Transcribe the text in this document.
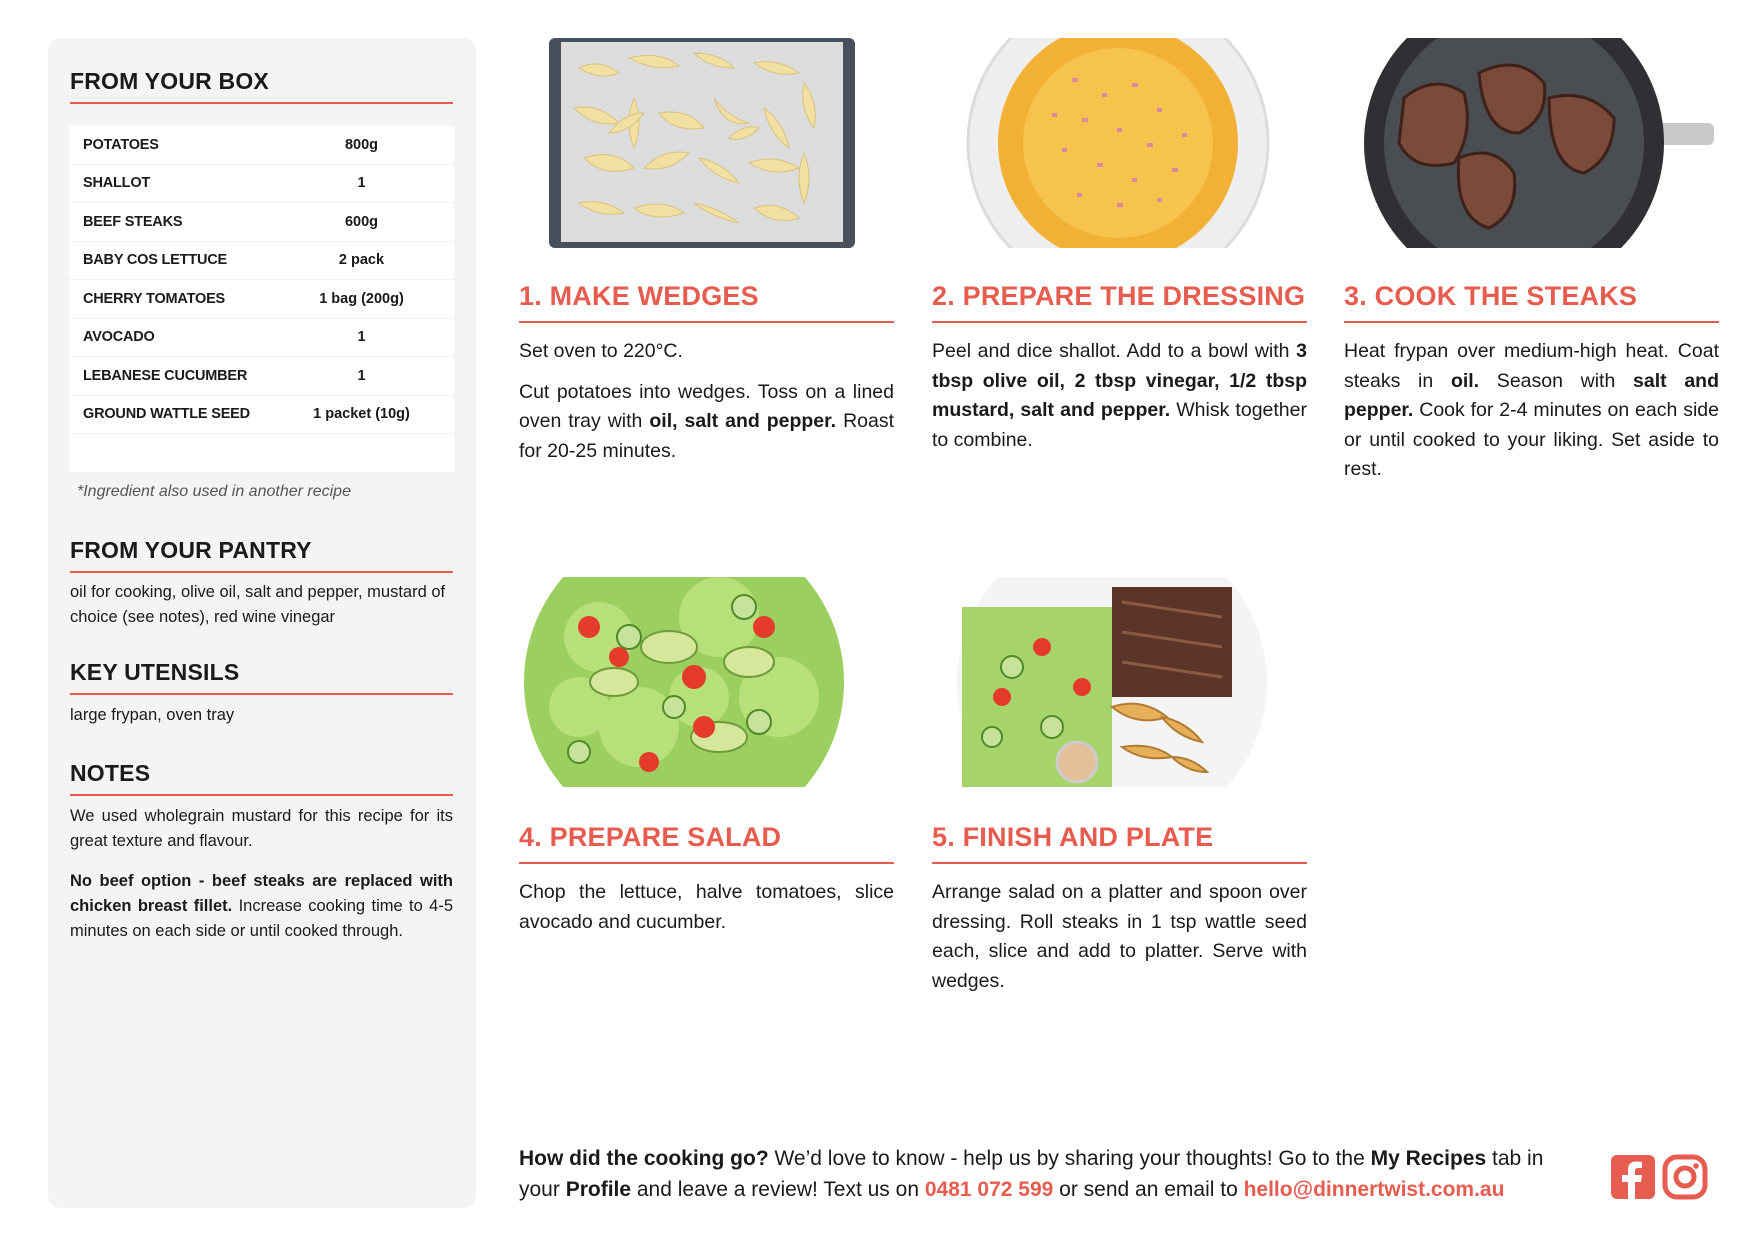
FROM YOUR BOX
POTATOES	800g
SHALLOT	1
BEEF STEAKS	600g
BABY COS LETTUCE	2 pack
CHERRY TOMATOES	1 bag (200g)
AVOCADO	1
LEBANESE CUCUMBER	1
GROUND WATTLE SEED	1 packet (10g)
*Ingredient also used in another recipe
FROM YOUR PANTRY
oil for cooking, olive oil, salt and pepper, mustard of choice (see notes), red wine vinegar
KEY UTENSILS
large frypan, oven tray
NOTES
We used wholegrain mustard for this recipe for its great texture and flavour.
No beef option - beef steaks are replaced with chicken breast fillet. Increase cooking time to 4-5 minutes on each side or until cooked through.
1. MAKE WEDGES

Set oven to 220°C.

Cut potatoes into wedges. Toss on a lined oven tray with oil, salt and pepper. Roast for 20-25 minutes.

2. PREPARE THE DRESSING

Peel and dice shallot. Add to a bowl with 3 tbsp olive oil, 2 tbsp vinegar, 1/2 tbsp mustard, salt and pepper. Whisk together to combine.

3. COOK THE STEAKS

Heat frypan over medium-high heat. Coat steaks in oil. Season with salt and pepper. Cook for 2-4 minutes on each side or until cooked to your liking. Set aside to rest.

4. PREPARE SALAD

Chop the lettuce, halve tomatoes, slice avocado and cucumber.

5. FINISH AND PLATE

Arrange salad on a platter and spoon over dressing. Roll steaks in 1 tsp wattle seed each, slice and add to platter. Serve with wedges.

How did the cooking go? We’d love to know - help us by sharing your thoughts! Go to the My Recipes tab in your Profile and leave a review! Text us on 0481 072 599 or send an email to hello@dinnertwist.com.au
